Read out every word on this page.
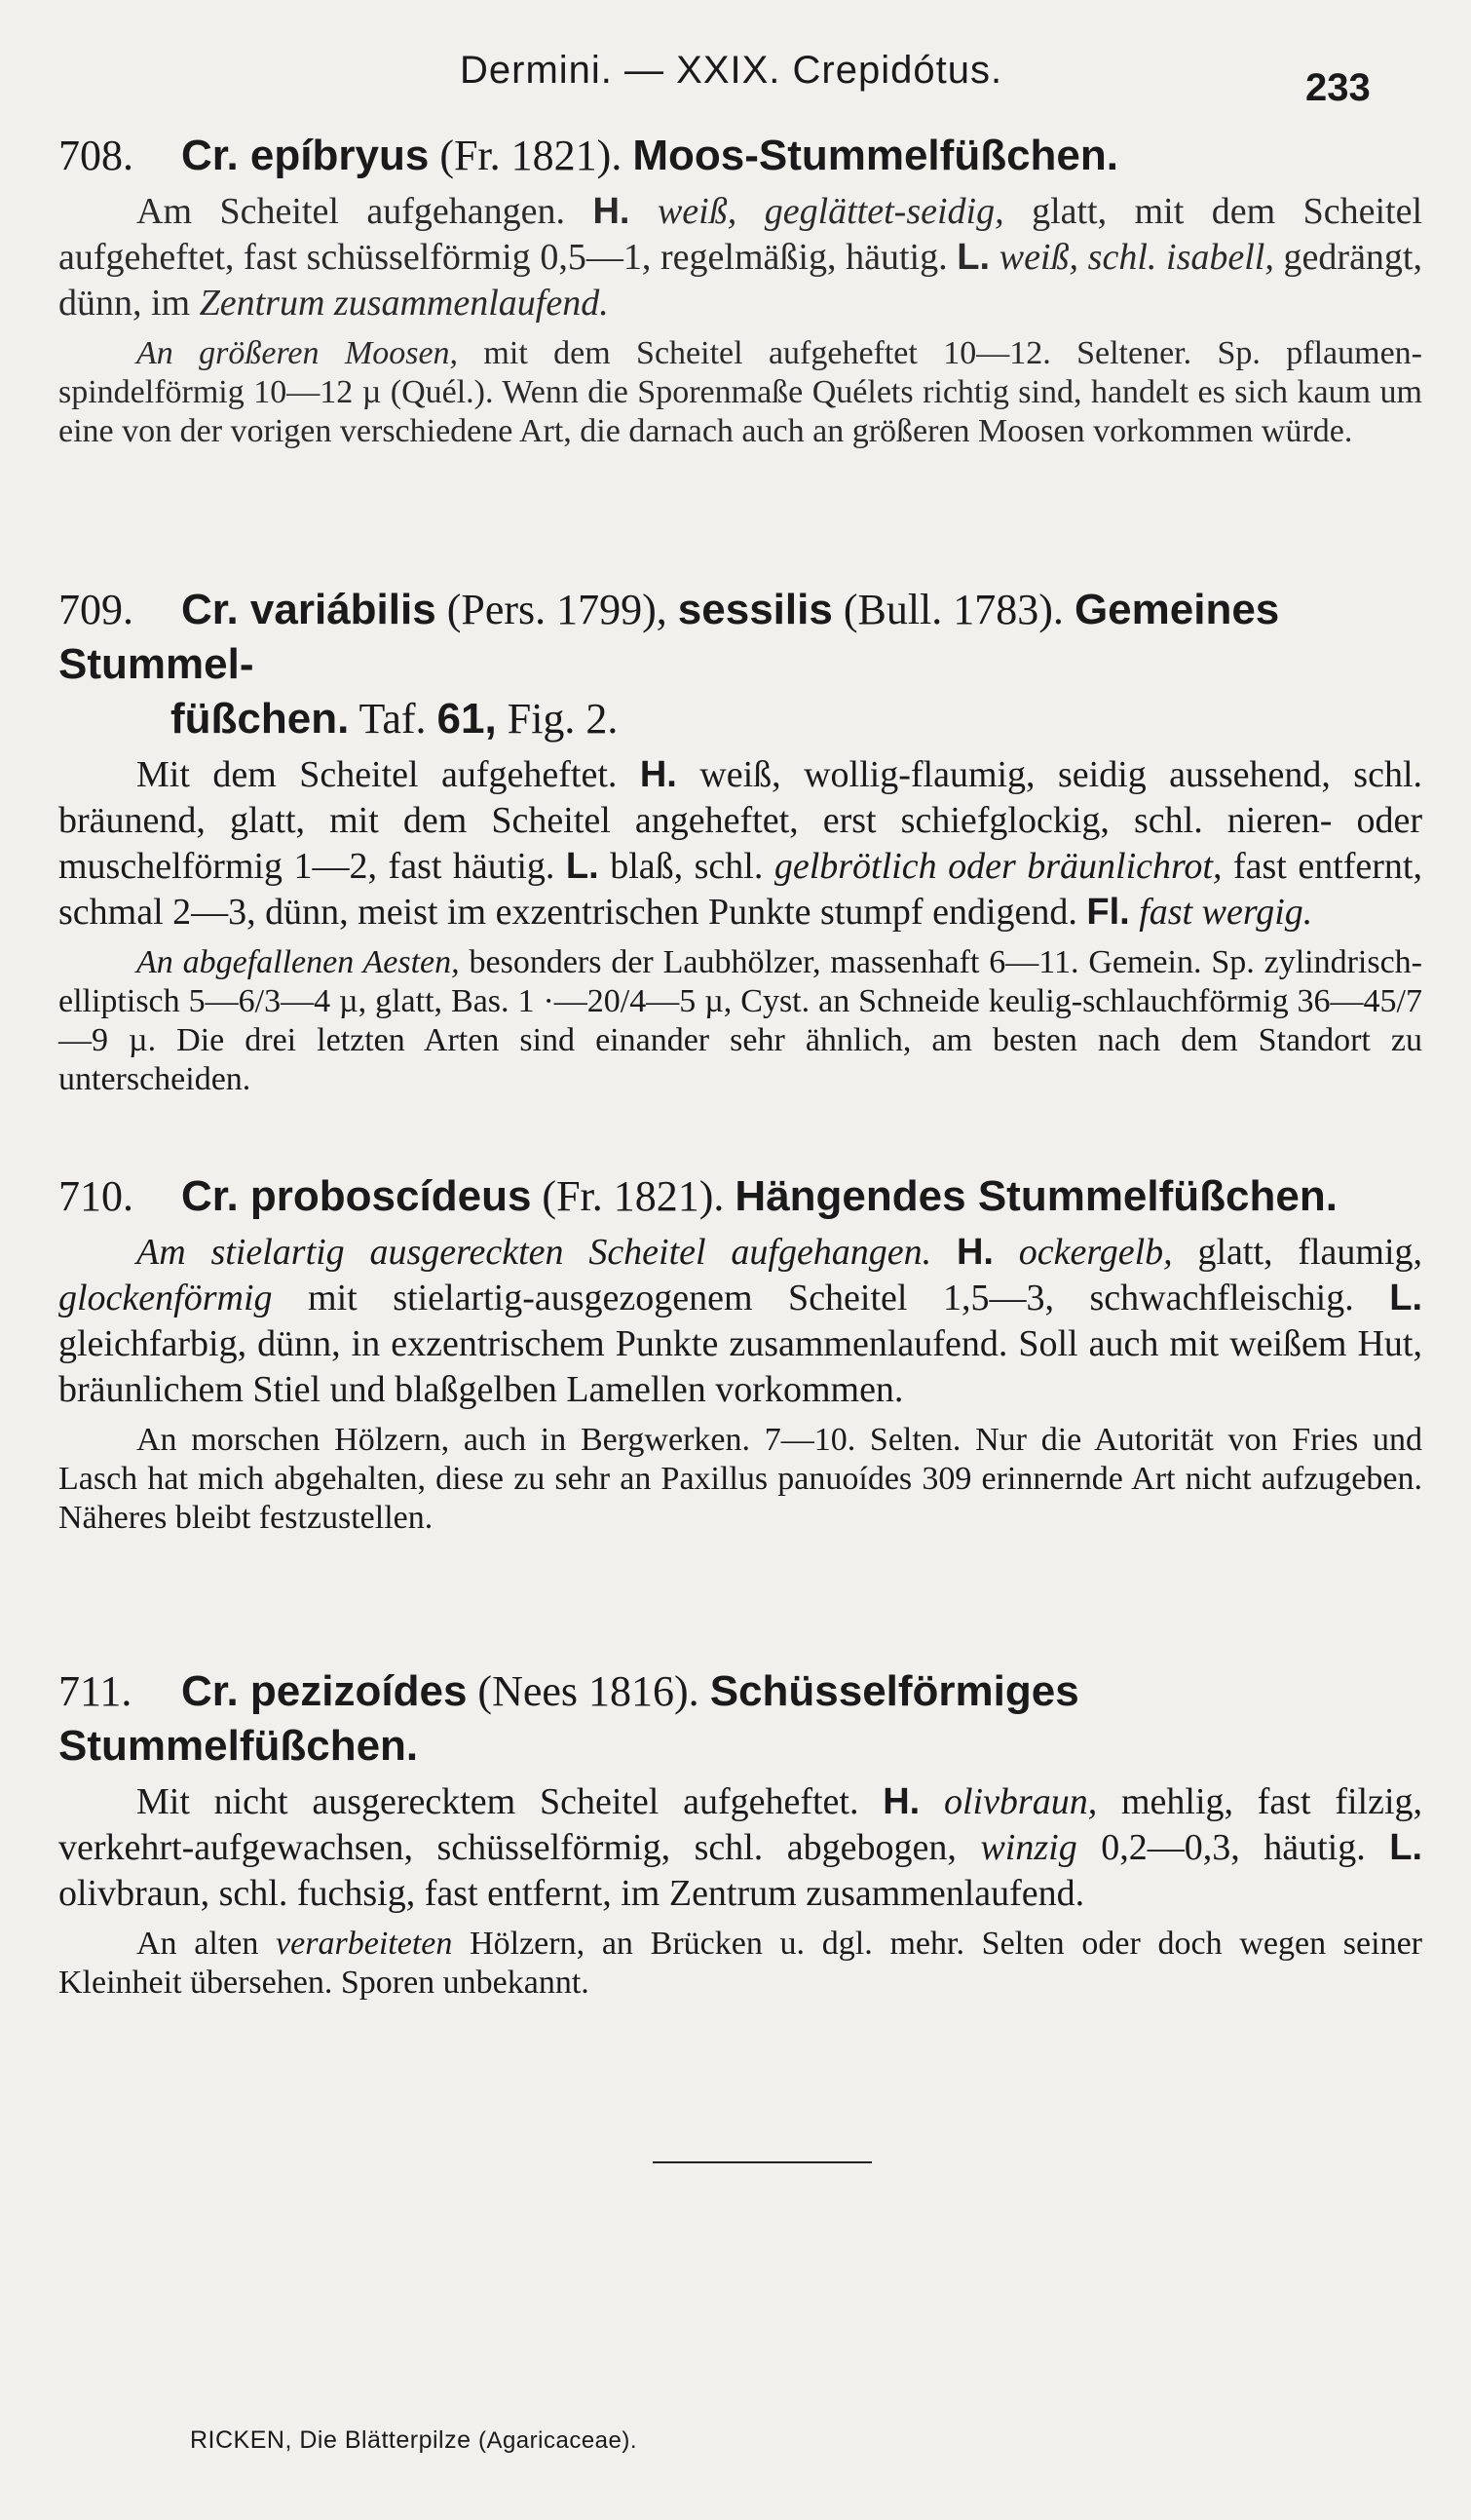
Dermini. — XXIX. Crepidótus.	233

708. Cr. epíbryus (Fr. 1821). Moos-Stummelfüßchen.

Am Scheitel aufgehangen. H. weiß, geglättet-seidig, glatt, mit dem Scheitel aufgeheftet, fast schüsselförmig 0,5—1, regelmäßig, häutig. L. weiß, schl. isabell, gedrängt, dünn, im Zentrum zusammenlaufend.

An größeren Moosen, mit dem Scheitel aufgeheftet 10—12. Seltener. Sp. pflaumen-spindelförmig 10—12 µ (Quél.). Wenn die Sporenmaße Quélets richtig sind, handelt es sich kaum um eine von der vorigen verschiedene Art, die darnach auch an größeren Moosen vorkommen würde.

709. Cr. variábilis (Pers. 1799), sessilis (Bull. 1783). Gemeines Stummel-
füßchen. Taf. 61, Fig. 2.

Mit dem Scheitel aufgeheftet. H. weiß, wollig-flaumig, seidig aussehend, schl. bräunend, glatt, mit dem Scheitel angeheftet, erst schiefglockig, schl. nieren- oder muschelförmig 1—2, fast häutig. L. blaß, schl. gelbrötlich oder bräunlichrot, fast entfernt, schmal 2—3, dünn, meist im exzentrischen Punkte stumpf endigend. Fl. fast wergig.

An abgefallenen Aesten, besonders der Laubhölzer, massenhaft 6—11. Gemein. Sp. zylindrisch-elliptisch 5—6/3—4 µ, glatt, Bas. 1 ·—20/4—5 µ, Cyst. an Schneide keulig-schlauchförmig 36—45/7—9 µ. Die drei letzten Arten sind einander sehr ähnlich, am besten nach dem Standort zu unterscheiden.

710. Cr. proboscídeus (Fr. 1821). Hängendes Stummelfüßchen.

Am stielartig ausgereckten Scheitel aufgehangen. H. ockergelb, glatt, flaumig, glockenförmig mit stielartig-ausgezogenem Scheitel 1,5—3, schwachfleischig. L. gleichfarbig, dünn, in exzentrischem Punkte zusammenlaufend. Soll auch mit weißem Hut, bräunlichem Stiel und blaßgelben Lamellen vorkommen.

An morschen Hölzern, auch in Bergwerken. 7—10. Selten. Nur die Autorität von Fries und Lasch hat mich abgehalten, diese zu sehr an Paxillus panuoídes 309 erinnernde Art nicht aufzugeben. Näheres bleibt festzustellen.

711. Cr. pezizoídes (Nees 1816). Schüsselförmiges Stummelfüßchen.

Mit nicht ausgerecktem Scheitel aufgeheftet. H. olivbraun, mehlig, fast filzig, verkehrt-aufgewachsen, schüsselförmig, schl. abgebogen, winzig 0,2—0,3, häutig. L. olivbraun, schl. fuchsig, fast entfernt, im Zentrum zusammenlaufend.

An alten verarbeiteten Hölzern, an Brücken u. dgl. mehr. Selten oder doch wegen seiner Kleinheit übersehen. Sporen unbekannt.

RICKEN, Die Blätterpilze (Agaricaceae).
